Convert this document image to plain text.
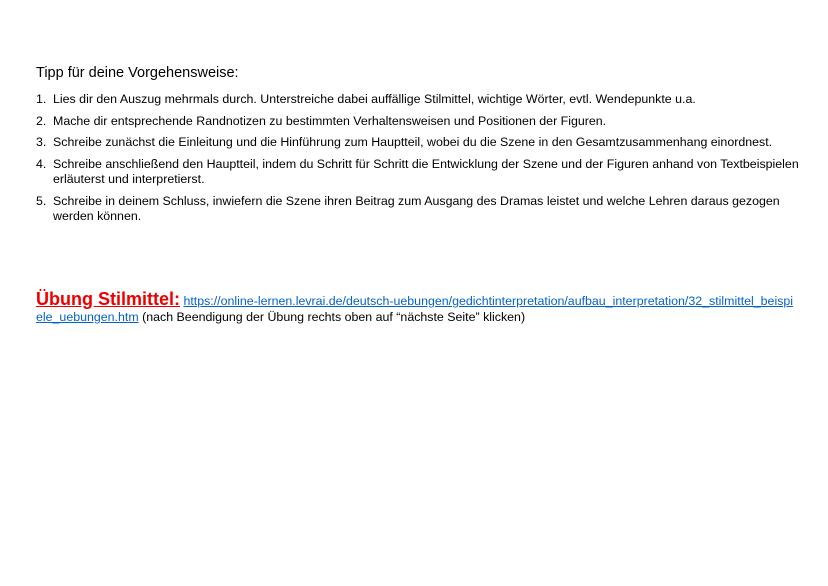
Tipp für deine Vorgehensweise:
1. Lies dir den Auszug mehrmals durch. Unterstreiche dabei auffällige Stilmittel, wichtige Wörter, evtl. Wendepunkte u.a.
2. Mache dir entsprechende Randnotizen zu bestimmten Verhaltensweisen und Positionen der Figuren.
3. Schreibe zunächst die Einleitung und die Hinführung zum Hauptteil, wobei du die Szene in den Gesamtzusammenhang einordnest.
4. Schreibe anschließend den Hauptteil, indem du Schritt für Schritt die Entwicklung der Szene und der Figuren anhand von Textbeispielen erläuterst und interpretierst.
5. Schreibe in deinem Schluss, inwiefern die Szene ihren Beitrag zum Ausgang des Dramas leistet und welche Lehren daraus gezogen werden können.
Übung Stilmittel: https://online-lernen.levrai.de/deutsch-uebungen/gedichtinterpretation/aufbau_interpretation/32_stilmittel_beispiele_uebungen.htm (nach Beendigung der Übung rechts oben auf “nächste Seite” klicken)
